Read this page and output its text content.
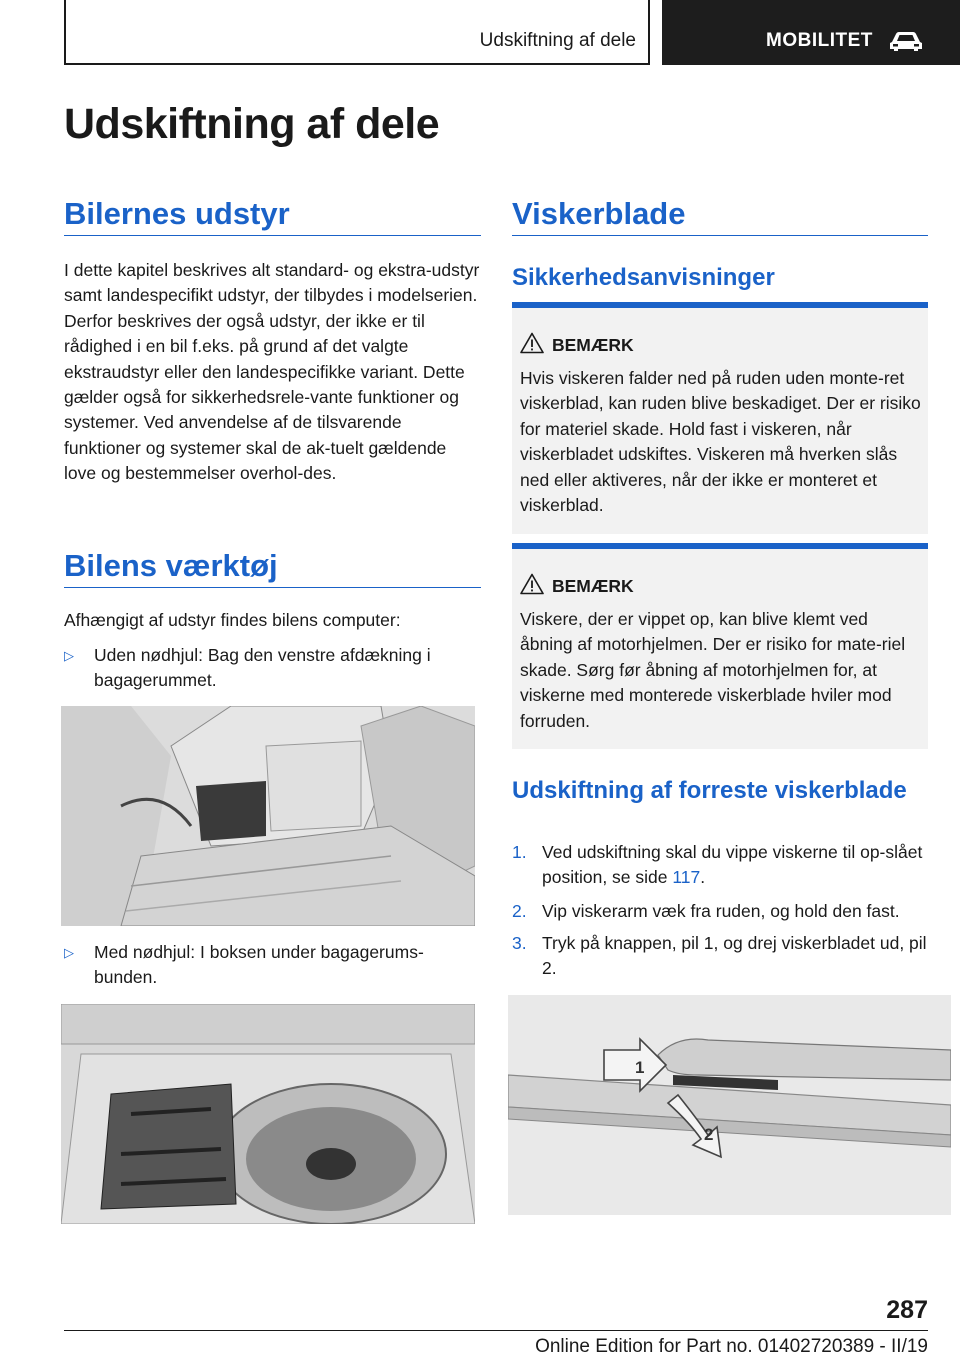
Udskiftning af dele	MOBILITET
Udskiftning af dele
Bilernes udstyr

I dette kapitel beskrives alt standard- og ekstra-udstyr samt landespecifikt udstyr, der tilbydes i modelserien. Derfor beskrives der også udstyr, der ikke er til rådighed i en bil f.eks. på grund af det valgte ekstraudstyr eller den landespecifikke variant. Dette gælder også for sikkerhedsrele-vante funktioner og systemer. Ved anvendelse af de tilsvarende funktioner og systemer skal de ak-tuelt gældende love og bestemmelser overhol-des.

Bilens værktøj

Afhængigt af udstyr findes bilens computer:

▷ Uden nødhjul: Bag den venstre afdækning i bagagerummet.
▷ Med nødhjul: I boksen under bagagerums-bunden.
Viskerblade
Sikkerhedsanvisninger
BEMÆRK
Hvis viskeren falder ned på ruden uden monte-ret viskerblad, kan ruden blive beskadiget. Der er risiko for materiel skade. Hold fast i viskeren, når viskerbladet udskiftes. Viskeren må hverken slås ned eller aktiveres, når der ikke er monteret et viskerblad.
BEMÆRK
Viskere, der er vippet op, kan blive klemt ved åbning af motorhjelmen. Der er risiko for mate-riel skade. Sørg før åbning af motorhjelmen for, at viskerne med monterede viskerblade hviler mod forruden.
Udskiftning af forreste viskerblade
1. Ved udskiftning skal du vippe viskerne til op-slået position, se side 117.
2. Vip viskerarm væk fra ruden, og hold den fast.
3. Tryk på knappen, pil 1, og drej viskerbladet ud, pil 2.
1
2
287
Online Edition for Part no. 01402720389 - II/19
